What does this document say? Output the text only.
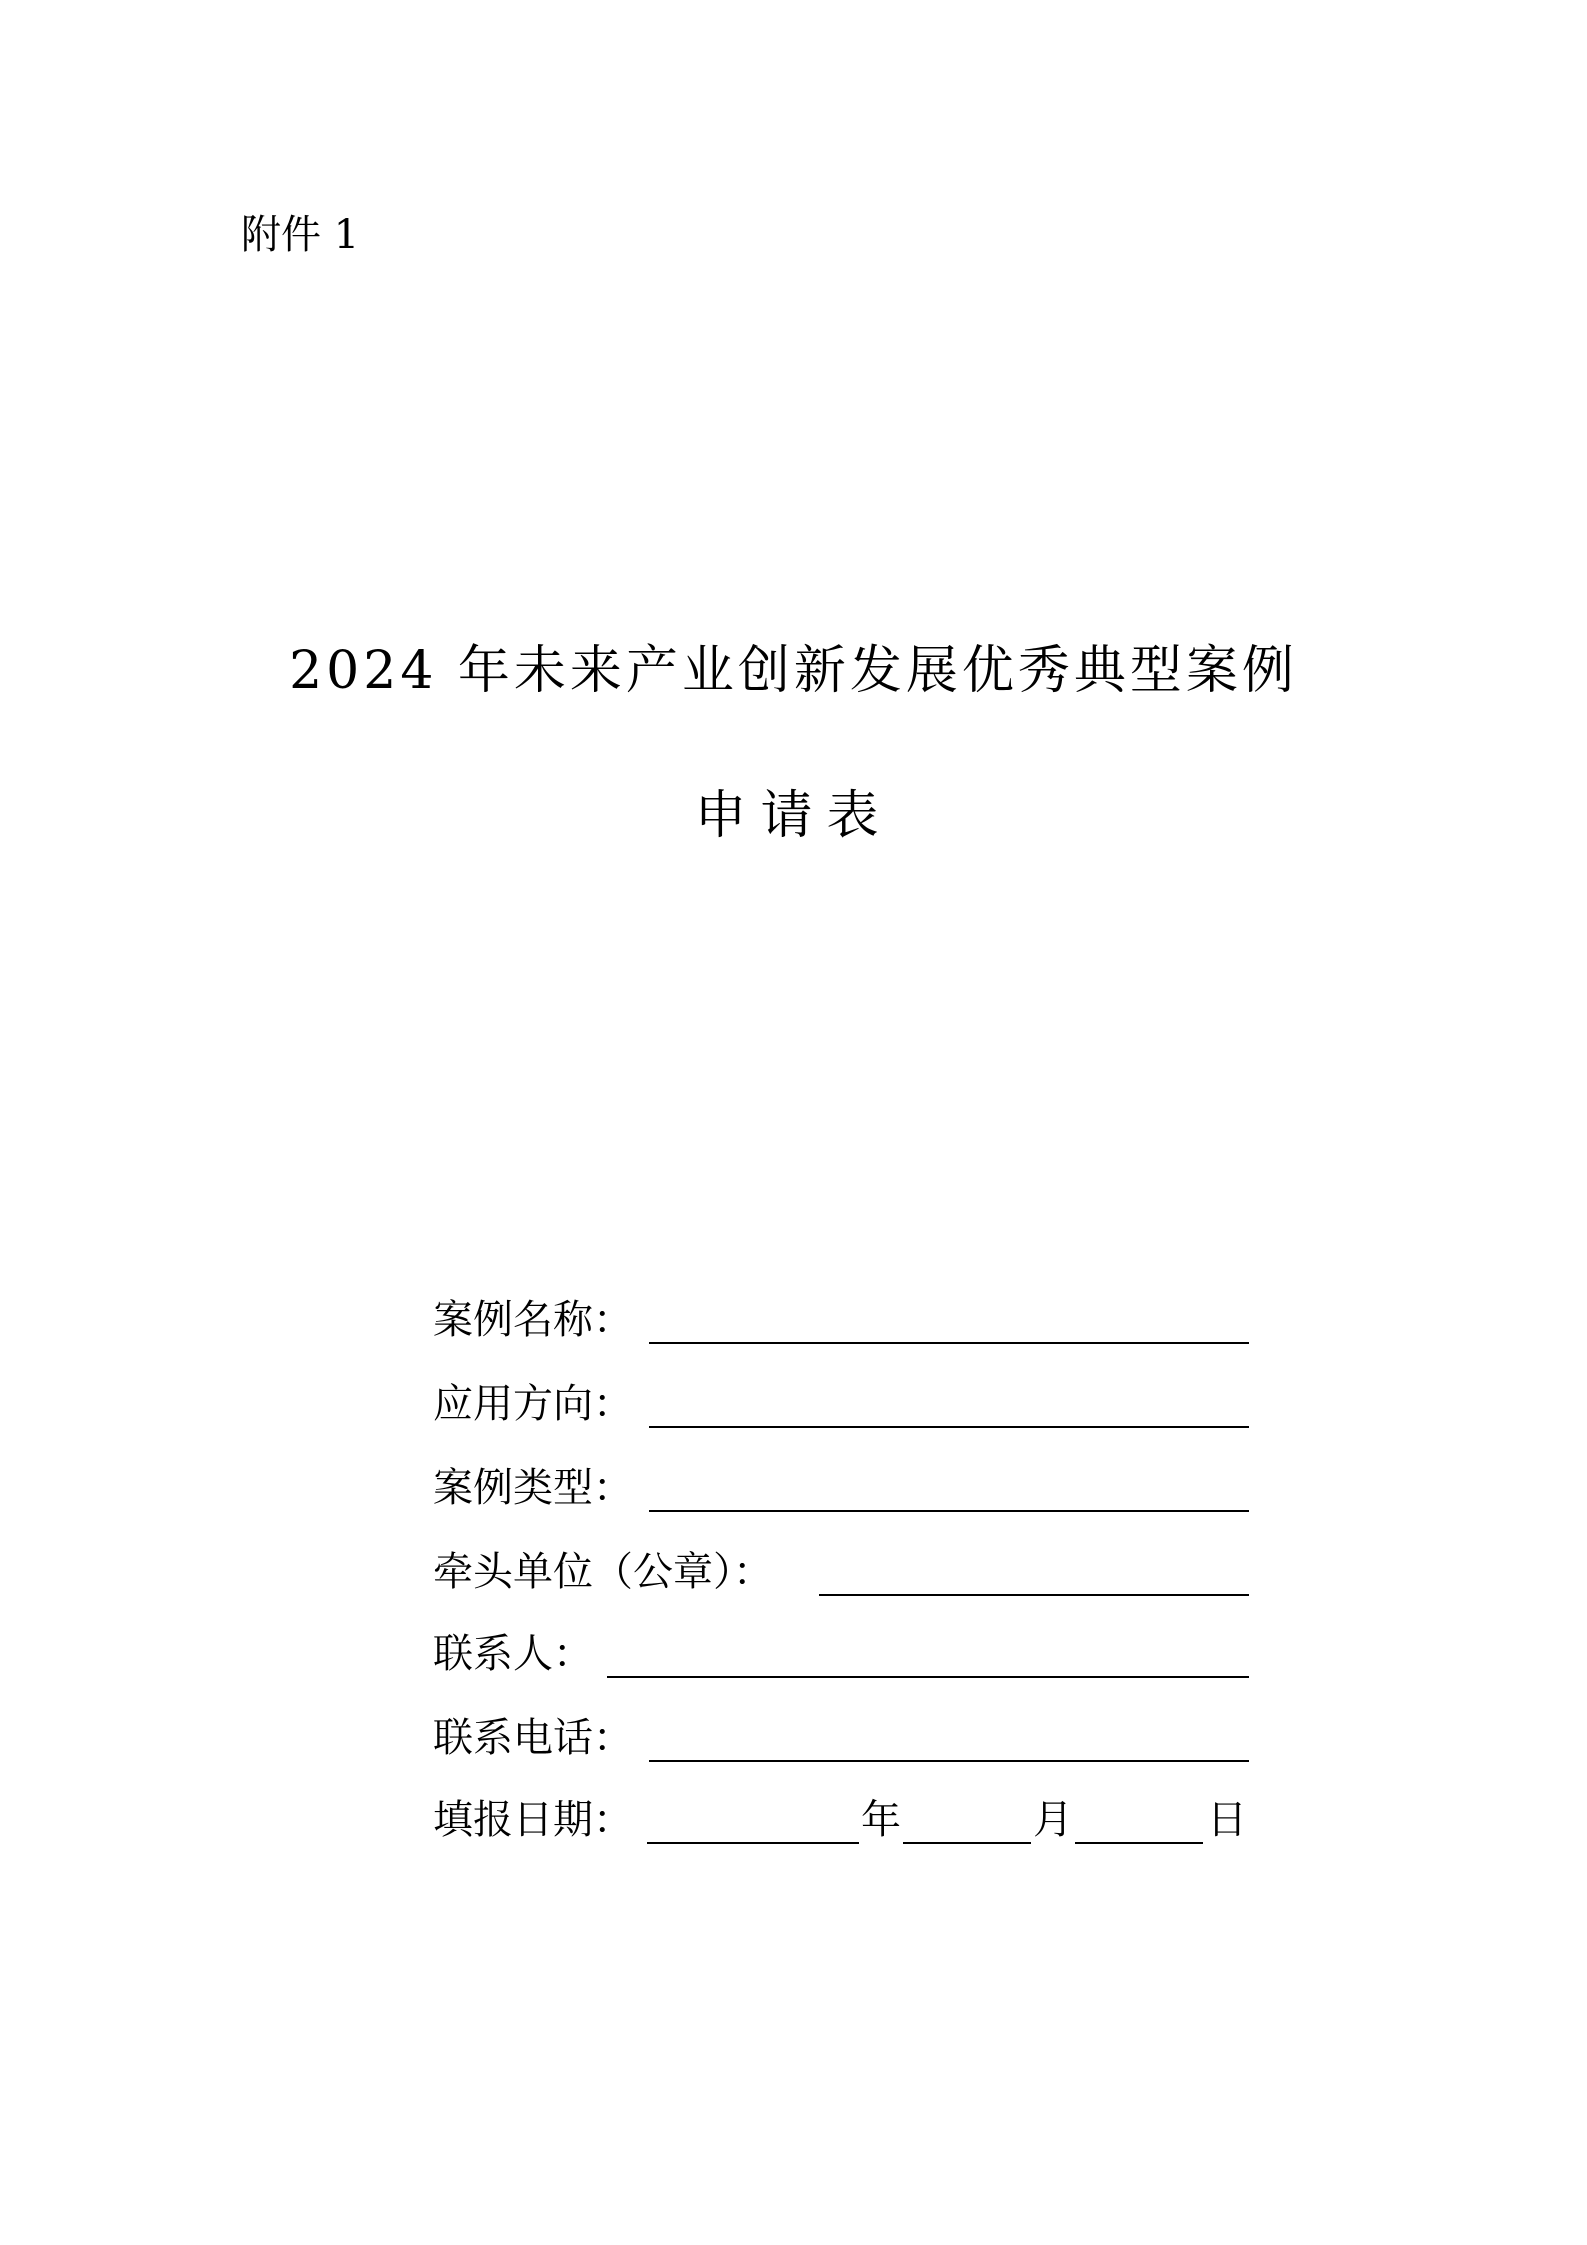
附件 1
2024 年未来产业创新发展优秀典型案例
申请表
案例名称：
应用方向：
案例类型：
牵头单位（公章）：
联系人：
联系电话：
填报日期：	年	月	日
